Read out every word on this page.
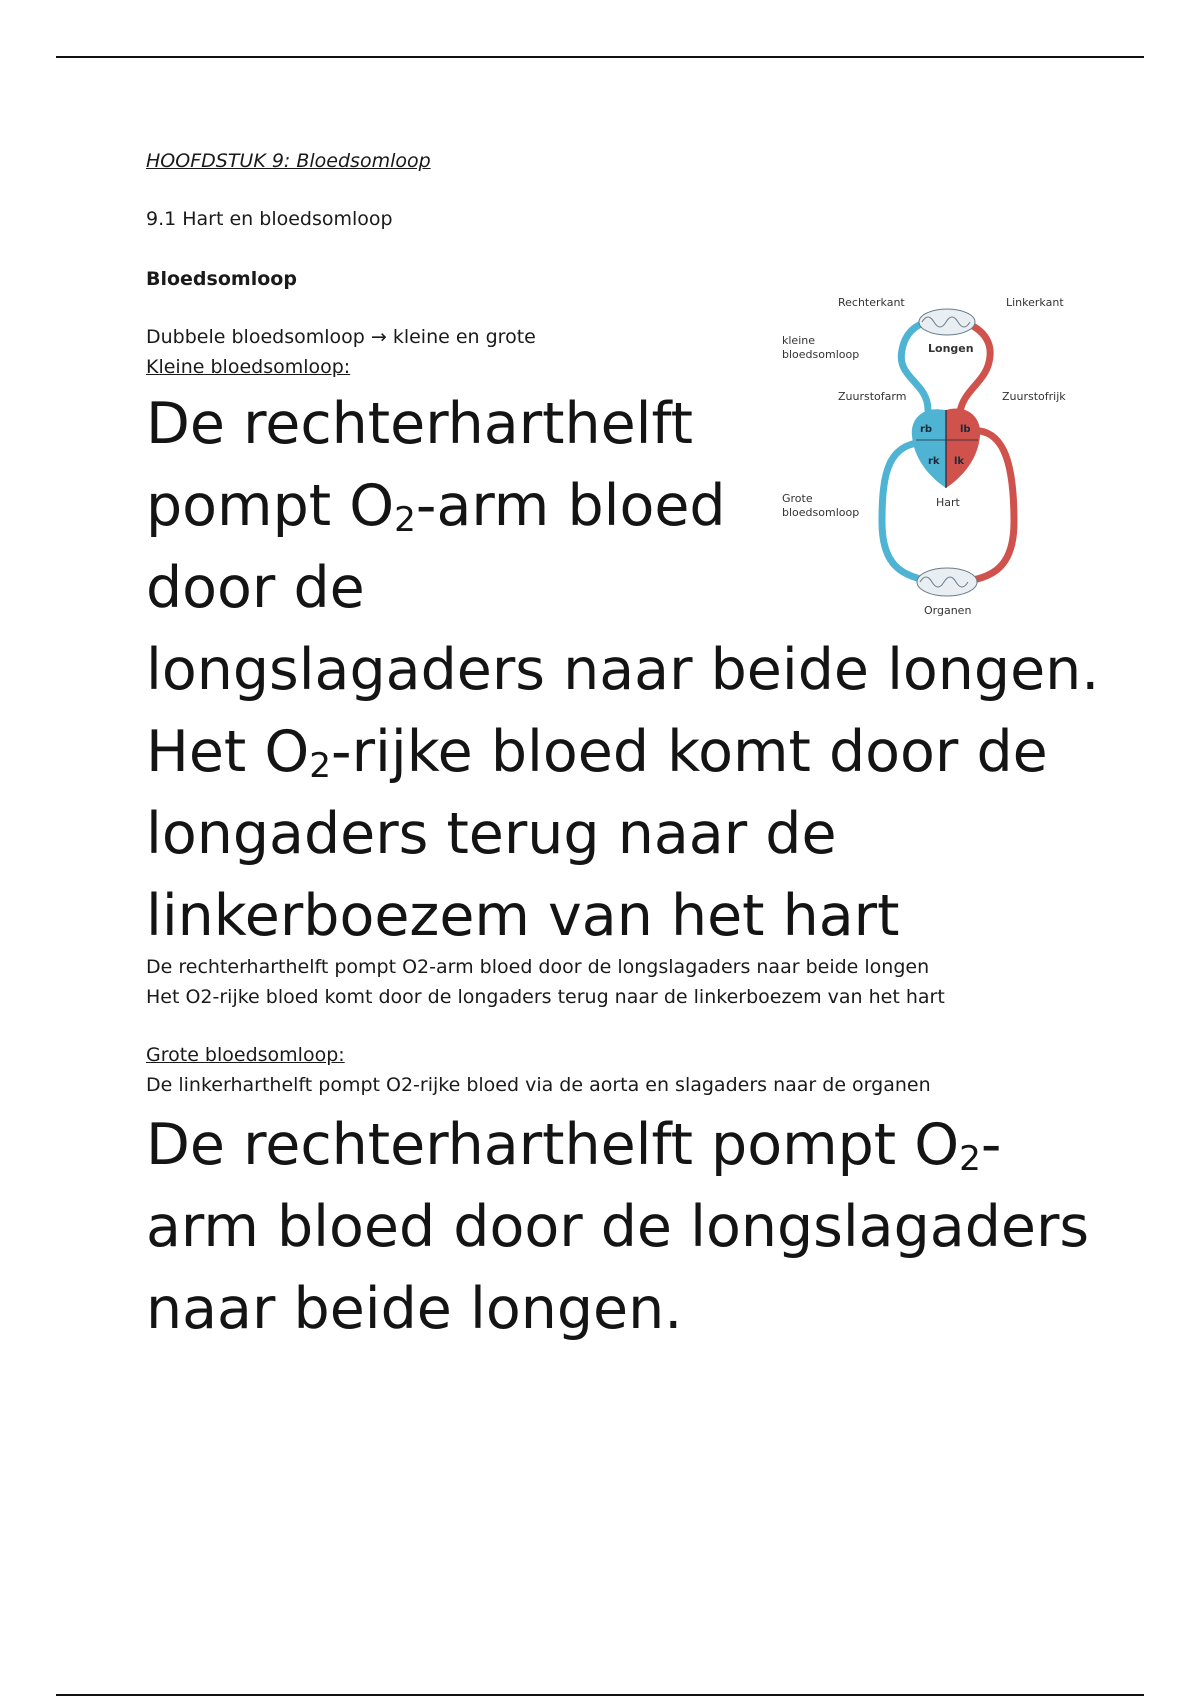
HOOFDSTUK 9: Bloedsomloop

9.1 Hart en bloedsomloop

Bloedsomloop

Dubbele bloedsomloop → kleine en grote

Kleine bloedsomloop:

De rechterharthelft
pompt $O_2$-arm bloed
door de
longslagaders naar beide longen.
Het $O_2$-rijke bloed komt door de
longaders terug naar de
linkerboezem van het hart

De rechterharthelft pompt O2-arm bloed door de longslagaders naar beide longen

Het O2-rijke bloed komt door de longaders terug naar de linkerboezem van het hart

Grote bloedsomloop:

De linkerharthelft pompt O2-rijke bloed via de aorta en slagaders naar de organen

De rechterharthelft pompt $O_2-$
arm bloed door de longslagaders
naar beide longen.
Rechterkant	Linkerkant
kleine
bloedsomloop
Zuurstofarm	Zuurstofrijk
Grote
bloedsomloop
Longen
Organen
rb	lb
rk lk
Hart
